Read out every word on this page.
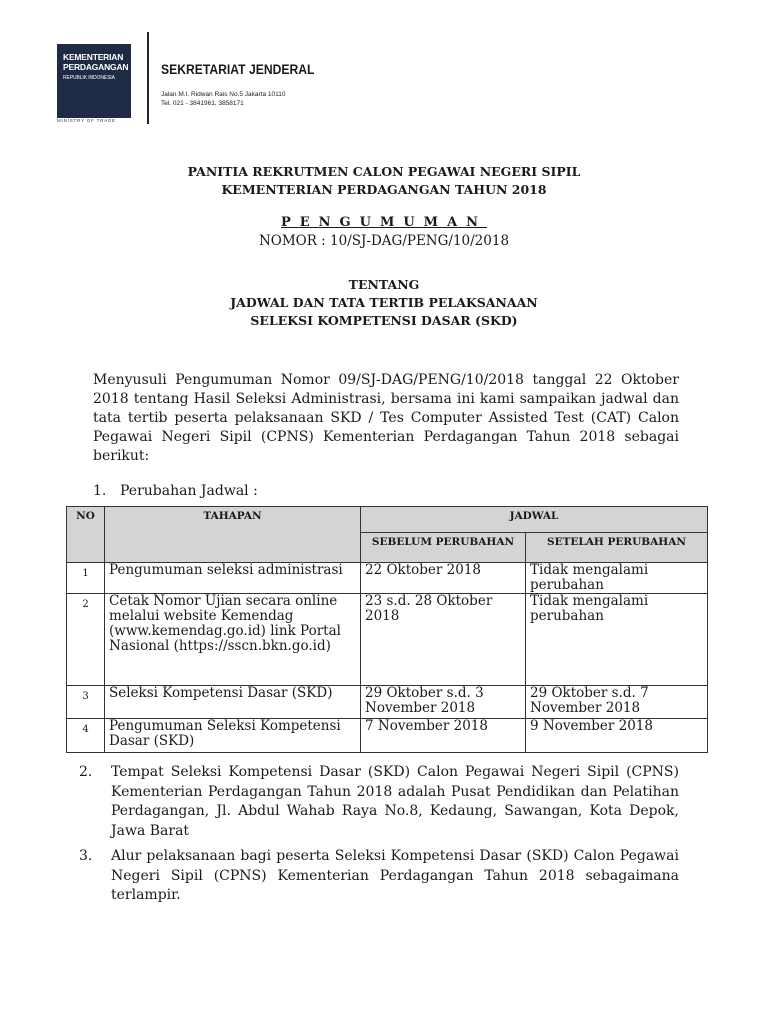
KEMENTERIAN
PERDAGANGAN
REPUBLIK INDONESIA
MINISTRY OF TRADE
SEKRETARIAT JENDERAL
Jalan M.I. Ridwan Rais No.5 Jakarta 10110
Tel. 021 - 3841961, 3858171
PANITIA REKRUTMEN CALON PEGAWAI NEGERI SIPIL
KEMENTERIAN PERDAGANGAN TAHUN 2018
PENGUMUMAN
NOMOR : 10/SJ-DAG/PENG/10/2018
TENTANG
JADWAL DAN TATA TERTIB PELAKSANAAN
SELEKSI KOMPETENSI DASAR (SKD)
Menyusuli Pengumuman Nomor 09/SJ-DAG/PENG/10/2018 tanggal 22 Oktober 2018 tentang Hasil Seleksi Administrasi, bersama ini kami sampaikan jadwal dan tata tertib peserta pelaksanaan SKD / Tes Computer Assisted Test (CAT) Calon Pegawai Negeri Sipil (CPNS) Kementerian Perdagangan Tahun 2018 sebagai berikut:
1. Perubahan Jadwal :
NO	TAHAPAN	JADWAL	
		SEBELUM PERUBAHAN	SETELAH PERUBAHAN
1	Pengumuman seleksi administrasi	22 Oktober 2018	Tidak mengalami perubahan
2	Cetak Nomor Ujian secara online melalui website Kemendag (www.kemendag.go.id) link Portal Nasional (https://sscn.bkn.go.id)	23 s.d. 28 Oktober 2018	Tidak mengalami perubahan
3	Seleksi Kompetensi Dasar (SKD)	29 Oktober s.d. 3 November 2018	29 Oktober s.d. 7 November 2018
4	Pengumuman Seleksi Kompetensi Dasar (SKD)	7 November 2018	9 November 2018
2. Tempat Seleksi Kompetensi Dasar (SKD) Calon Pegawai Negeri Sipil (CPNS) Kementerian Perdagangan Tahun 2018 adalah Pusat Pendidikan dan Pelatihan Perdagangan, Jl. Abdul Wahab Raya No.8, Kedaung, Sawangan, Kota Depok, Jawa Barat
3. Alur pelaksanaan bagi peserta Seleksi Kompetensi Dasar (SKD) Calon Pegawai Negeri Sipil (CPNS) Kementerian Perdagangan Tahun 2018 sebagaimana terlampir.
